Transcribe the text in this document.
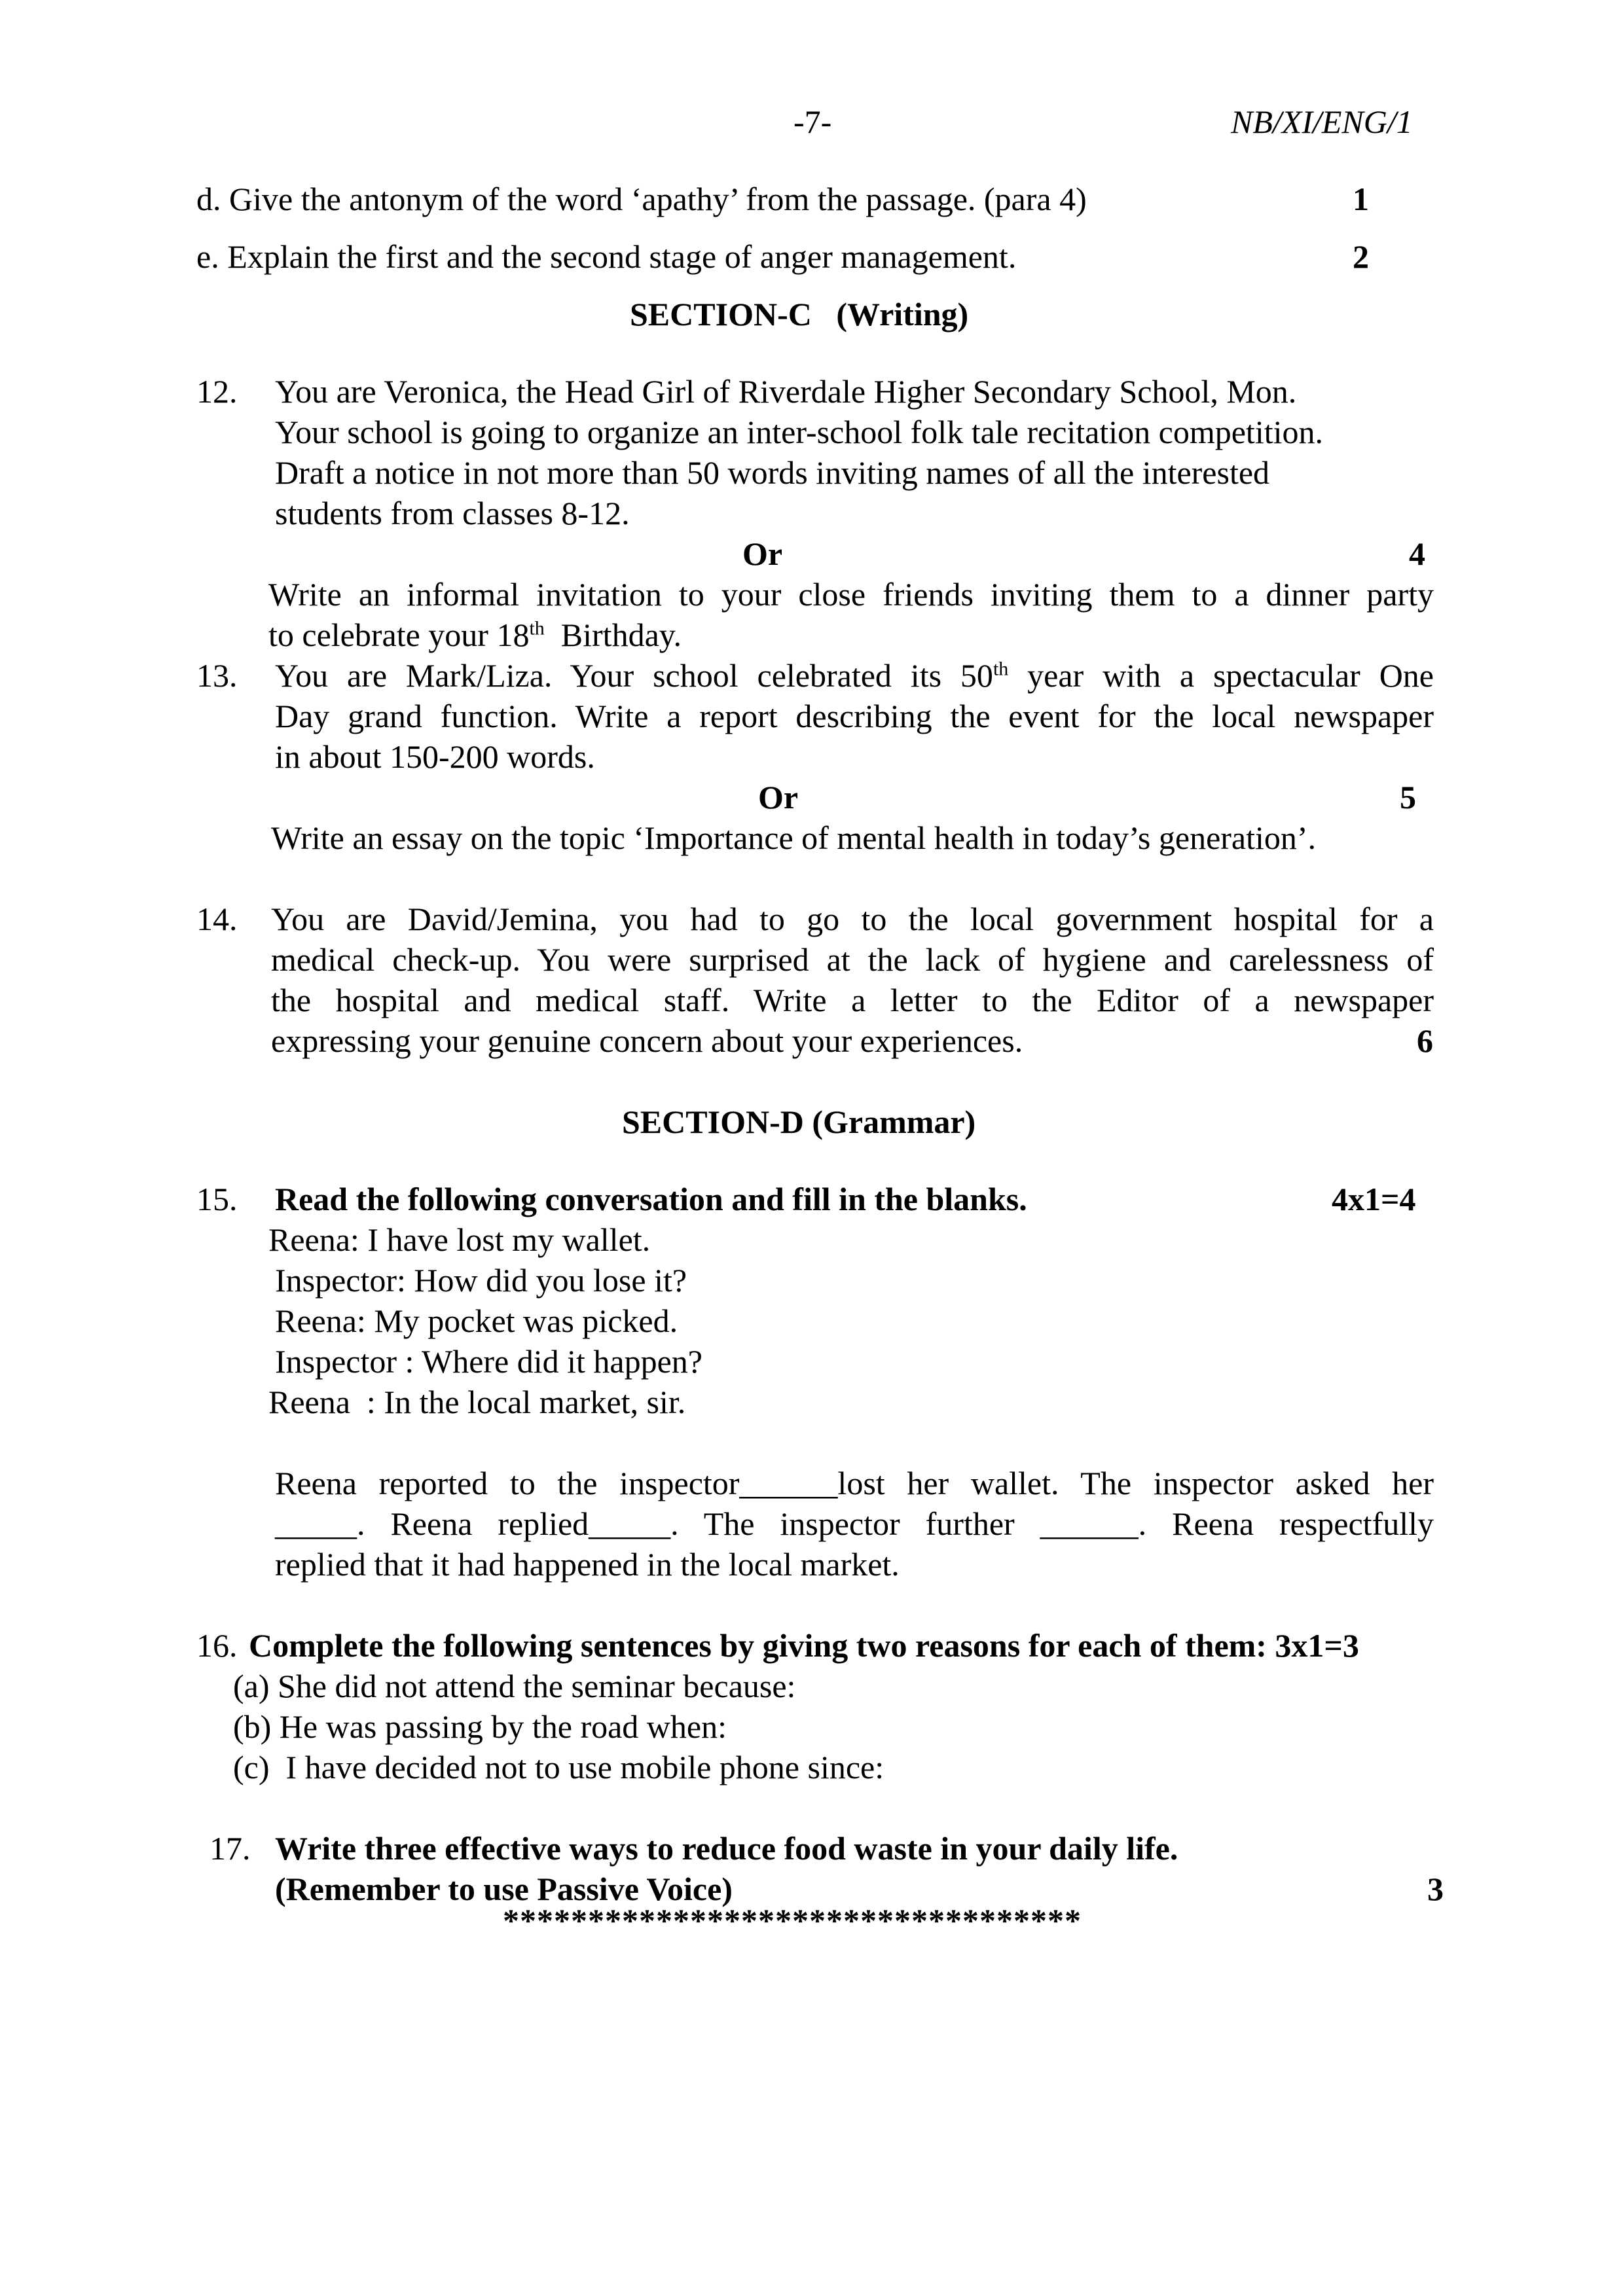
-7-	NB/XI/ENG/1
d. Give the antonym of the word ‘apathy’ from the passage. (para 4)	1
e. Explain the first and the second stage of anger management.	2
SECTION-C   (Writing)
12. You are Veronica, the Head Girl of Riverdale Higher Secondary School, Mon.
Your school is going to organize an inter-school folk tale recitation competition.
Draft a notice in not more than 50 words inviting names of all the interested
students from classes 8-12.
Or	4
Write an informal invitation to your close friends inviting them to a dinner party
to celebrate your 18th  Birthday.
13. You are Mark/Liza. Your school celebrated its 50th year with a spectacular One
Day grand function. Write a report describing the event for the local newspaper
in about 150-200 words.
Or	5
Write an essay on the topic ‘Importance of mental health in today’s generation’.
14. You are David/Jemina, you had to go to the local government hospital for a
medical check-up. You were surprised at the lack of hygiene and carelessness of
the hospital and medical staff. Write a letter to the Editor of a newspaper
expressing your genuine concern about your experiences.	6
SECTION-D (Grammar)
15. Read the following conversation and fill in the blanks.	4x1=4
Reena: I have lost my wallet.
Inspector: How did you lose it?
Reena: My pocket was picked.
Inspector : Where did it happen?
Reena  : In the local market, sir.
Reena reported to the inspector______lost her wallet. The inspector asked her
_____. Reena replied_____. The inspector further ______. Reena respectfully
replied that it had happened in the local market.
16. Complete the following sentences by giving two reasons for each of them: 3x1=3
(a) She did not attend the seminar because:
(b) He was passing by the road when:
(c)  I have decided not to use mobile phone since:
17. Write three effective ways to reduce food waste in your daily life.
(Remember to use Passive Voice)	3
**********************************
